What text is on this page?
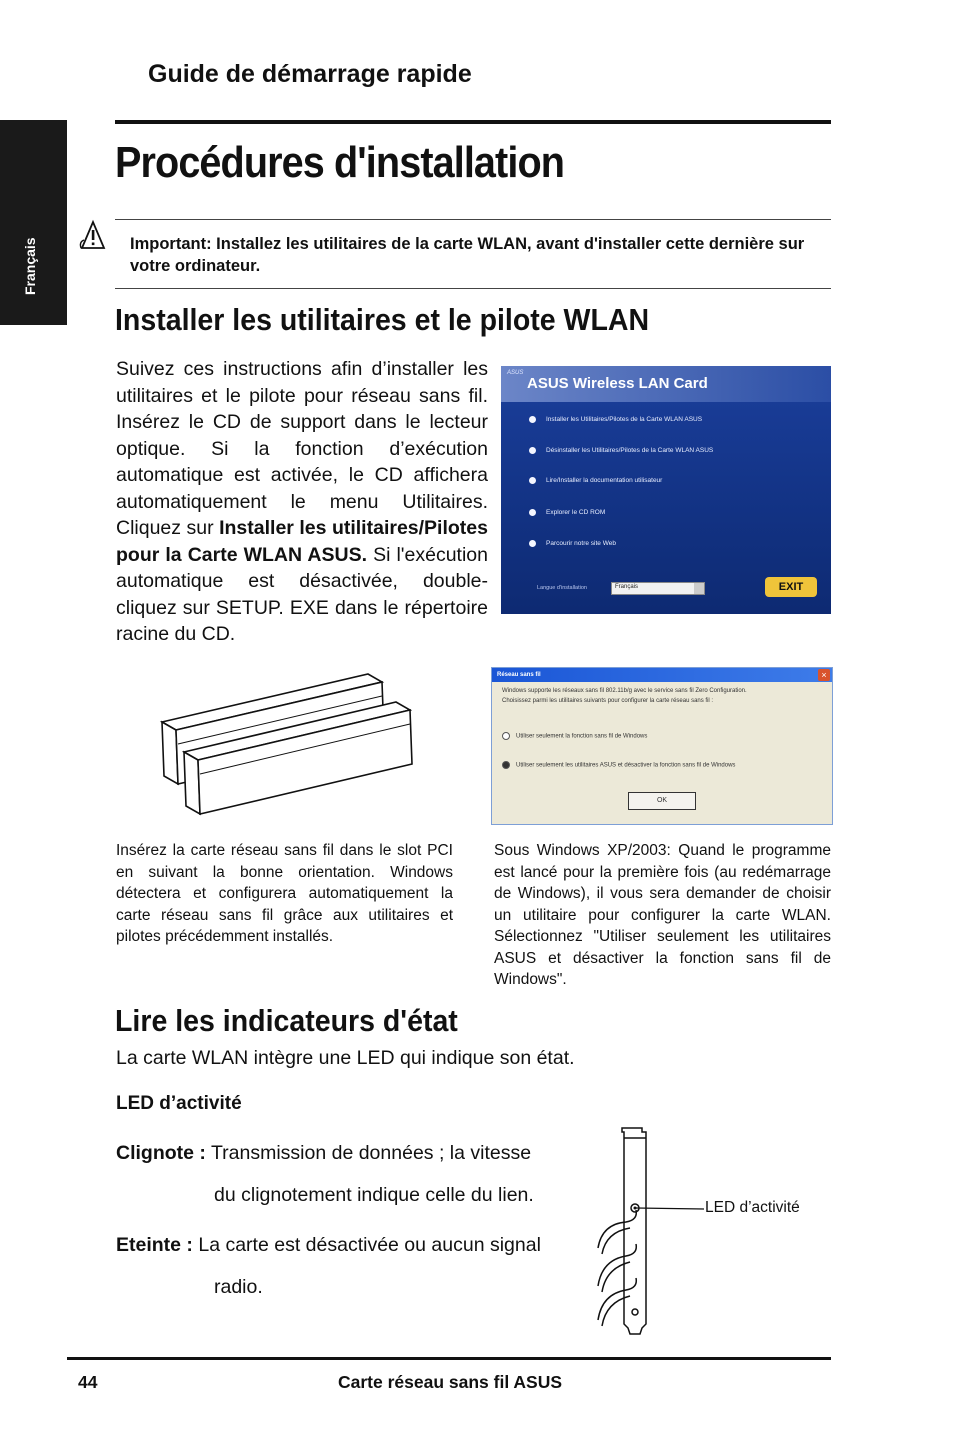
Français
Guide de démarrage rapide
Procédures d'installation
Important: Installez les utilitaires de la carte WLAN, avant d'installer cette dernière sur votre ordinateur.
Installer les utilitaires et le pilote WLAN
Suivez ces instructions afin d’installer les utilitaires et le pilote pour réseau sans fil. Insérez le CD de support dans le lecteur optique. Si la fonction d’exécution automatique est activée, le CD affichera automatiquement le menu Utilitaires. Cliquez sur Installer les utilitaires/Pilotes pour la Carte WLAN ASUS. Si l'exécution automatique est désactivée, double-cliquez sur SETUP. EXE dans le répertoire racine du CD.
ASUS
ASUS Wireless LAN Card
Installer les Utilitaires/Pilotes de la Carte WLAN ASUS
Désinstaller les Utilitaires/Pilotes de la Carte WLAN ASUS
Lire/Installer la documentation utilisateur
Explorer le CD ROM
Parcourir notre site Web
Langue d'installation	Français	EXIT
Réseau sans fil	×
Windows supporte les réseaux sans fil 802.11b/g avec le service sans fil Zero Configuration.
Choisissez parmi les utilitaires suivants pour configurer la carte réseau sans fil :
Utiliser seulement la fonction sans fil de Windows
Utiliser seulement les utilitaires ASUS et désactiver la fonction sans fil de Windows
OK
Insérez la carte réseau sans fil dans le slot PCI en suivant la bonne orientation. Windows détectera et configurera automatiquement la carte réseau sans fil grâce aux utilitaires et pilotes précédemment installés.
Sous Windows XP/2003: Quand le programme est lancé pour la première fois (au redémarrage de Windows), il vous sera demander de choisir un utilitaire pour configurer la carte WLAN. Sélectionnez "Utiliser seulement les utilitaires ASUS et désactiver la fonction sans fil de Windows".
Lire les indicateurs d'état
La carte WLAN intègre une LED qui indique son état.
LED d’activité
Clignote : Transmission de données ; la vitesse
du clignotement indique celle du lien.
Eteinte : La carte est désactivée ou aucun signal
radio.
LED d’activité
44	Carte réseau sans fil ASUS
